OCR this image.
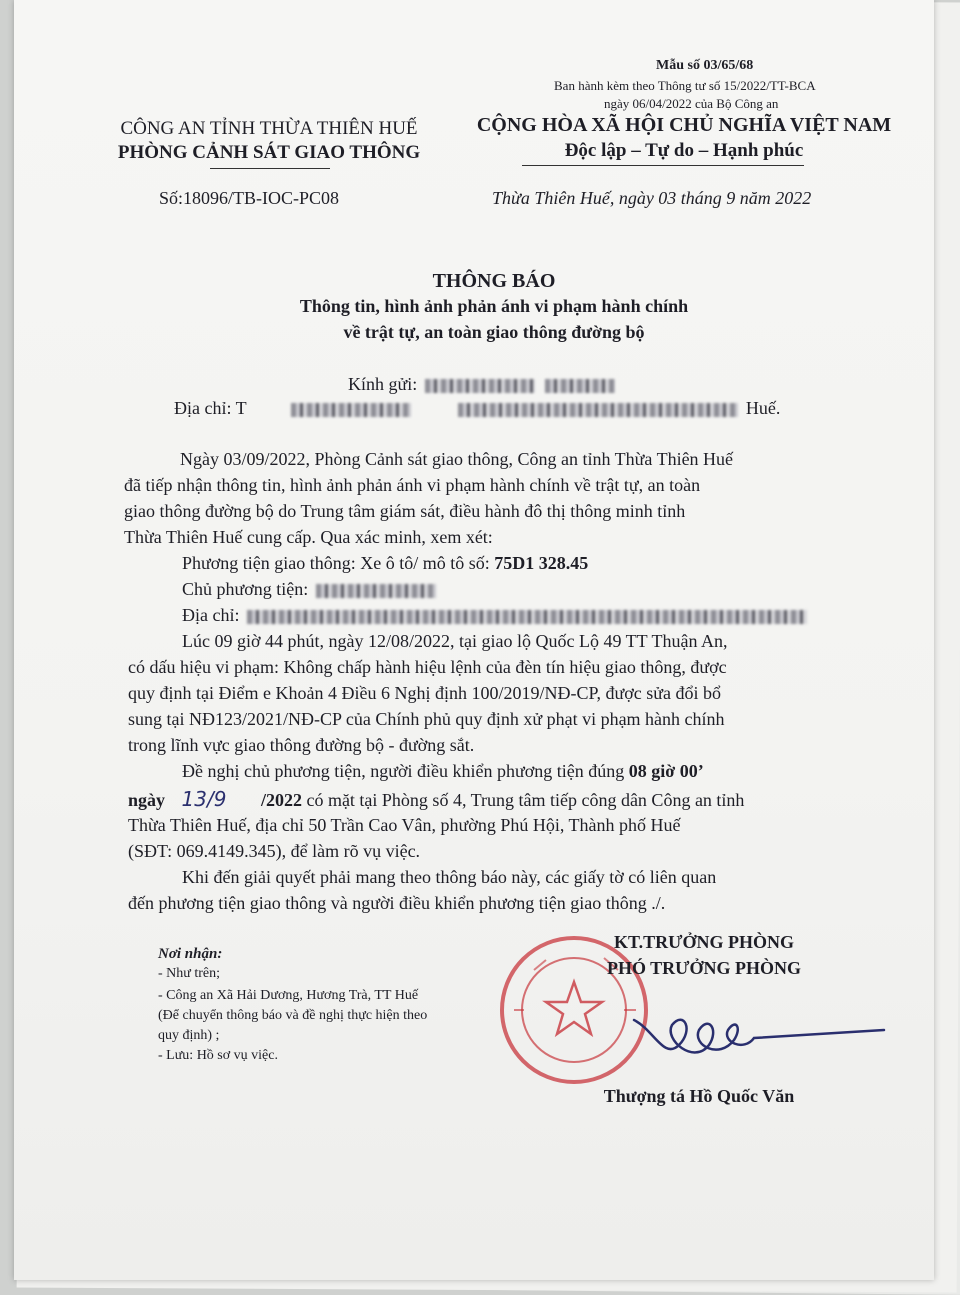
Mẫu số 03/65/68
Ban hành kèm theo Thông tư số 15/2022/TT-BCA
ngày 06/04/2022 của Bộ Công an
CÔNG AN TỈNH THỪA THIÊN HUẾ
PHÒNG CẢNH SÁT GIAO THÔNG
CỘNG HÒA XÃ HỘI CHỦ NGHĨA VIỆT NAM
Độc lập – Tự do – Hạnh phúc
Số:18096/TB-IOC-PC08	Thừa Thiên Huế, ngày 03 tháng 9 năm 2022
THÔNG BÁO
Thông tin, hình ảnh phản ánh vi phạm hành chính
về trật tự, an toàn giao thông đường bộ
Kính gửi:
Địa chỉ: T	Huế.
Ngày 03/09/2022, Phòng Cảnh sát giao thông, Công an tỉnh Thừa Thiên Huế
đã tiếp nhận thông tin, hình ảnh phản ánh vi phạm hành chính về trật tự, an toàn
giao thông đường bộ do Trung tâm giám sát, điều hành đô thị thông minh tỉnh
Thừa Thiên Huế cung cấp. Qua xác minh, xem xét:
Phương tiện giao thông: Xe ô tô/ mô tô số: 75D1 328.45
Chủ phương tiện:
Địa chỉ:
Lúc 09 giờ 44 phút, ngày 12/08/2022, tại giao lộ Quốc Lộ 49 TT Thuận An,
có dấu hiệu vi phạm: Không chấp hành hiệu lệnh của đèn tín hiệu giao thông, được
quy định tại Điểm e Khoản 4 Điều 6 Nghị định 100/2019/NĐ-CP, được sửa đổi bổ
sung tại NĐ123/2021/NĐ-CP của Chính phủ quy định xử phạt vi phạm hành chính
trong lĩnh vực giao thông đường bộ - đường sắt.
Đề nghị chủ phương tiện, người điều khiển phương tiện đúng 08 giờ 00’
ngày 13/9 /2022 có mặt tại Phòng số 4, Trung tâm tiếp công dân Công an tỉnh
Thừa Thiên Huế, địa chỉ 50 Trần Cao Vân, phường Phú Hội, Thành phố Huế
(SĐT: 069.4149.345), để làm rõ vụ việc.
Khi đến giải quyết phải mang theo thông báo này, các giấy tờ có liên quan
đến phương tiện giao thông và người điều khiển phương tiện giao thông ./.
Nơi nhận:
- Như trên;
- Công an Xã Hải Dương, Hương Trà, TT Huế
(Để chuyển thông báo và đề nghị thực hiện theo
quy định) ;
- Lưu: Hồ sơ vụ việc.
KT.TRƯỞNG PHÒNG
PHÓ TRƯỞNG PHÒNG
Thượng tá Hồ Quốc Văn
